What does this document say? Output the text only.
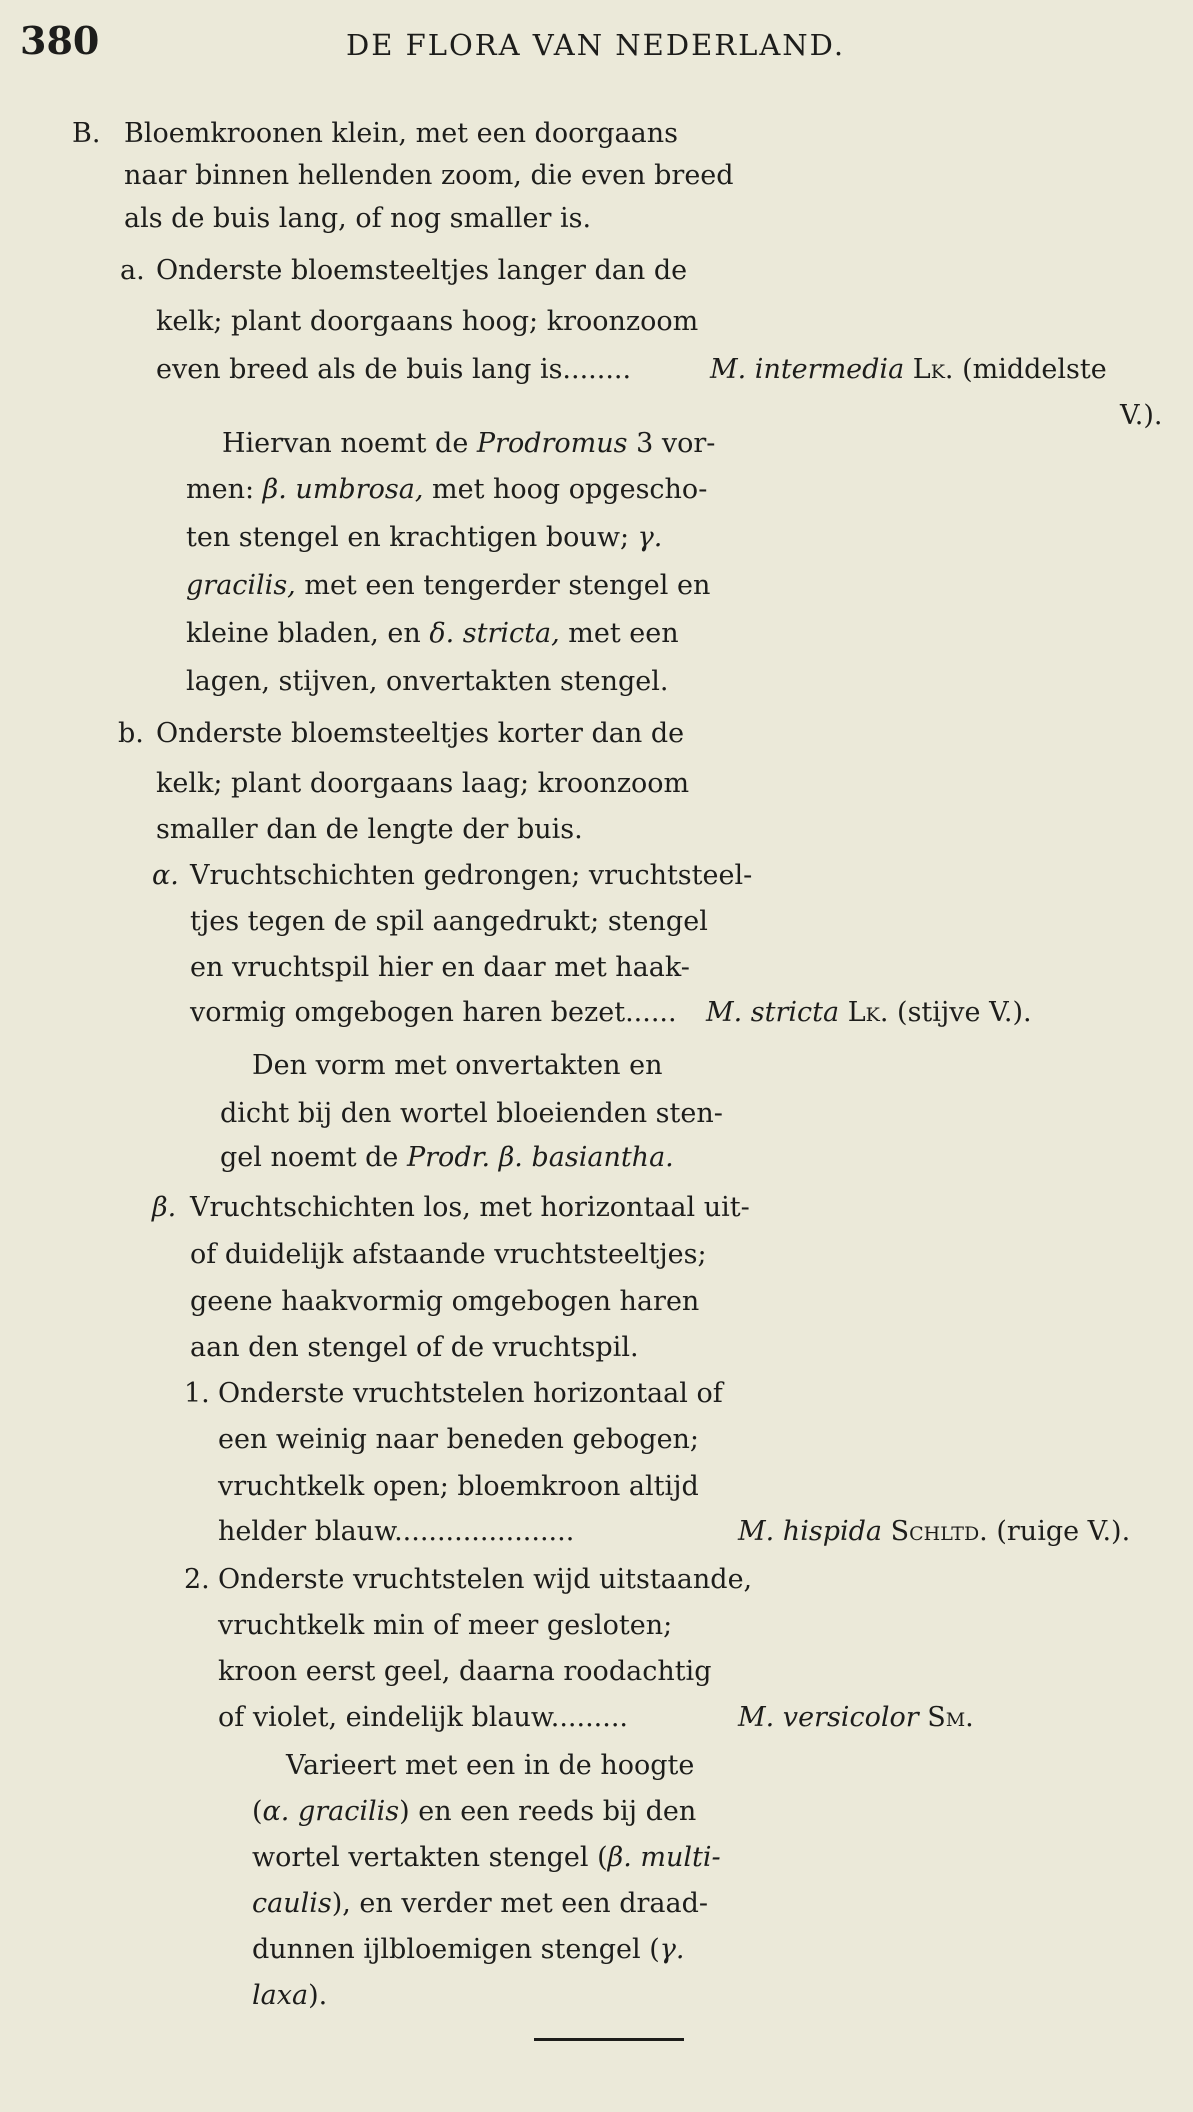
380	DE FLORA VAN NEDERLAND.
B. Bloemkroonen klein, met een doorgaans
naar binnen hellenden zoom, die even breed
als de buis lang, of nog smaller is.
a. Onderste bloemsteeltjes langer dan de
kelk; plant doorgaans hoog; kroonzoom
even breed als de buis lang is........	M. intermedia Lk. (middelste
V.).
Hiervan noemt de Prodromus 3 vor-
men: β. umbrosa, met hoog opgescho-
ten stengel en krachtigen bouw; γ.
gracilis, met een tengerder stengel en
kleine bladen, en δ. stricta, met een
lagen, stijven, onvertakten stengel.
b. Onderste bloemsteeltjes korter dan de
kelk; plant doorgaans laag; kroonzoom
smaller dan de lengte der buis.
α. Vruchtschichten gedrongen; vruchtsteel-
tjes tegen de spil aangedrukt; stengel
en vruchtspil hier en daar met haak-
vormig omgebogen haren bezet...... M. stricta Lk. (stijve V.).
Den vorm met onvertakten en
dicht bij den wortel bloeienden sten-
gel noemt de Prodr. β. basiantha.
β. Vruchtschichten los, met horizontaal uit-
of duidelijk afstaande vruchtsteeltjes;
geene haakvormig omgebogen haren
aan den stengel of de vruchtspil.
1. Onderste vruchtstelen horizontaal of
een weinig naar beneden gebogen;
vruchtkelk open; bloemkroon altijd
helder blauw.....................	M. hispida Schltd. (ruige V.).
2. Onderste vruchtstelen wijd uitstaande,
vruchtkelk min of meer gesloten;
kroon eerst geel, daarna roodachtig
of violet, eindelijk blauw.........	M. versicolor Sm.
Varieert met een in de hoogte
(α. gracilis) en een reeds bij den
wortel vertakten stengel (β. multi-
caulis), en verder met een draad-
dunnen ijlbloemigen stengel (γ.
laxa).
